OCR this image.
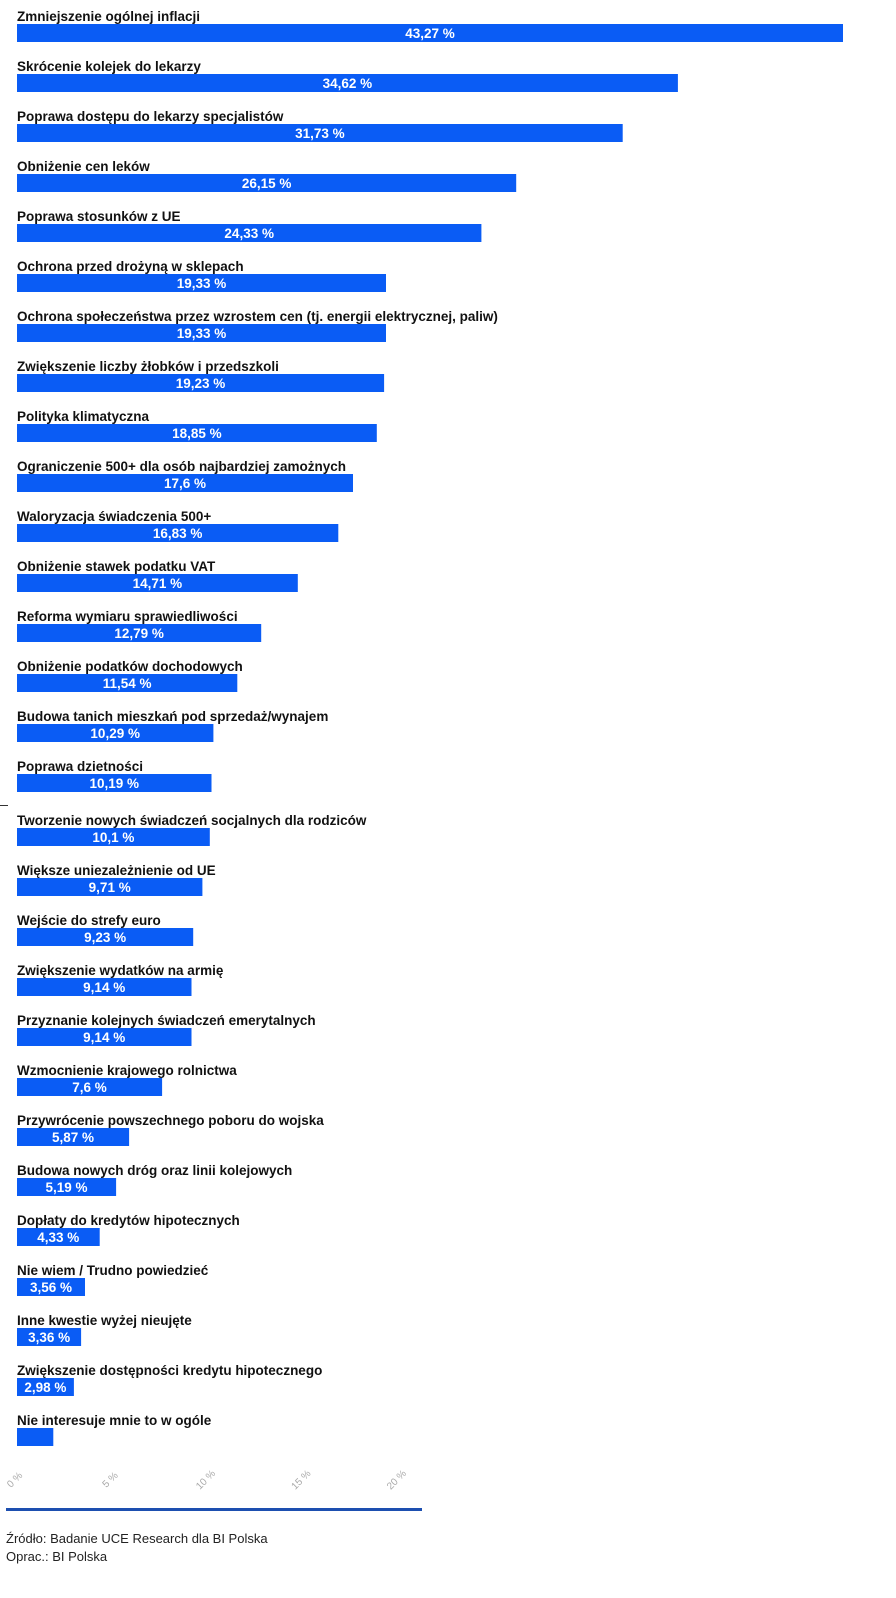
Zmniejszenie ogólnej inflacji
43,27 %
Skrócenie kolejek do lekarzy
34,62 %
Poprawa dostępu do lekarzy specjalistów
31,73 %
Obniżenie cen leków
26,15 %
Poprawa stosunków z UE
24,33 %
Ochrona przed drożyną w sklepach
19,33 %
Ochrona społeczeństwa przez wzrostem cen (tj. energii elektrycznej, paliw)
19,33 %
Zwiększenie liczby żłobków i przedszkoli
19,23 %
Polityka klimatyczna
18,85 %
Ograniczenie 500+ dla osób najbardziej zamożnych
17,6 %
Waloryzacja świadczenia 500+
16,83 %
Obniżenie stawek podatku VAT
14,71 %
Reforma wymiaru sprawiedliwości
12,79 %
Obniżenie podatków dochodowych
11,54 %
Budowa tanich mieszkań pod sprzedaż/wynajem
10,29 %
Poprawa dzietności
10,19 %
Tworzenie nowych świadczeń socjalnych dla rodziców
10,1 %
Większe uniezależnienie od UE
9,71 %
Wejście do strefy euro
9,23 %
Zwiększenie wydatków na armię
9,14 %
Przyznanie kolejnych świadczeń emerytalnych
9,14 %
Wzmocnienie krajowego rolnictwa
7,6 %
Przywrócenie powszechnego poboru do wojska
5,87 %
Budowa nowych dróg oraz linii kolejowych
5,19 %
Dopłaty do kredytów hipotecznych
4,33 %
Nie wiem / Trudno powiedzieć
3,56 %
Inne kwestie wyżej nieujęte
3,36 %
Zwiększenie dostępności kredytu hipotecznego
2,98 %
Nie interesuje mnie to w ogóle
0 %	5 %	10 %	15 %	20 %
Źródło: Badanie UCE Research dla BI Polska
Oprac.: BI Polska
